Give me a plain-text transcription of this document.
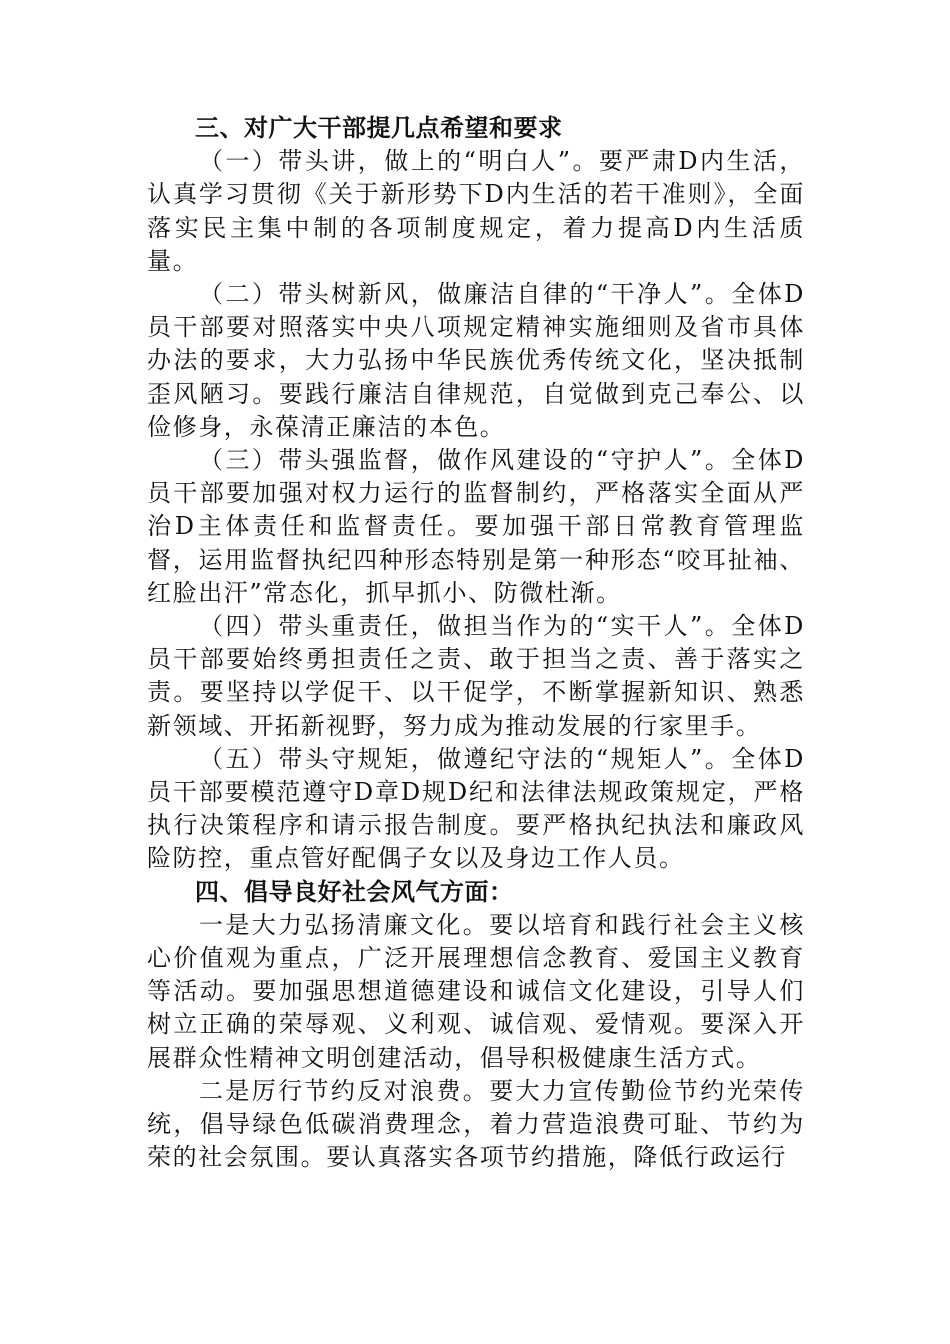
三、对广大干部提几点希望和要求

（一）带头讲，做上的“明白人”。要严肃D内生活，认真学习贯彻《关于新形势下D内生活的若干准则》，全面落实民主集中制的各项制度规定，着力提高D内生活质量。

（二）带头树新风，做廉洁自律的“干净人”。全体D员干部要对照落实中央八项规定精神实施细则及省市具体办法的要求，大力弘扬中华民族优秀传统文化，坚决抵制歪风陋习。要践行廉洁自律规范，自觉做到克己奉公、以俭修身，永葆清正廉洁的本色。

（三）带头强监督，做作风建设的“守护人”。全体D员干部要加强对权力运行的监督制约，严格落实全面从严治D主体责任和监督责任。要加强干部日常教育管理监督，运用监督执纪四种形态特别是第一种形态“咬耳扯袖、红脸出汗”常态化，抓早抓小、防微杜渐。

（四）带头重责任，做担当作为的“实干人”。全体D员干部要始终勇担责任之责、敢于担当之责、善于落实之责。要坚持以学促干、以干促学，不断掌握新知识、熟悉新领域、开拓新视野，努力成为推动发展的行家里手。

（五）带头守规矩，做遵纪守法的“规矩人”。全体D员干部要模范遵守D章D规D纪和法律法规政策规定，严格执行决策程序和请示报告制度。要严格执纪执法和廉政风险防控，重点管好配偶子女以及身边工作人员。

四、倡导良好社会风气方面：

一是大力弘扬清廉文化。要以培育和践行社会主义核心价值观为重点，广泛开展理想信念教育、爱国主义教育等活动。要加强思想道德建设和诚信文化建设，引导人们树立正确的荣辱观、义利观、诚信观、爱情观。要深入开展群众性精神文明创建活动，倡导积极健康生活方式。

二是厉行节约反对浪费。要大力宣传勤俭节约光荣传统，倡导绿色低碳消费理念，着力营造浪费可耻、节约为荣的社会氛围。要认真落实各项节约措施，降低行政运行
